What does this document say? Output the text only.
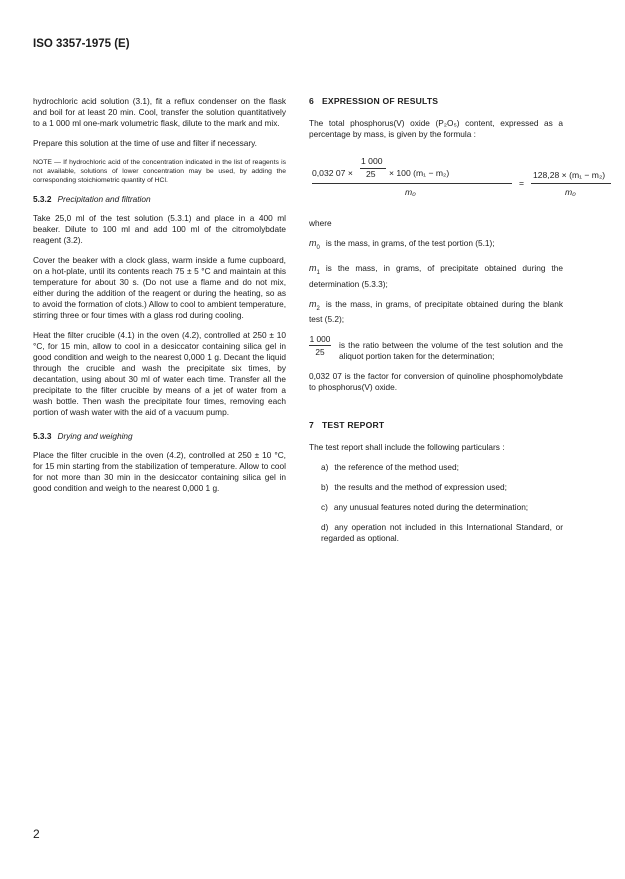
ISO 3357-1975 (E)

hydrochloric acid solution (3.1), fit a reflux condenser on the flask and boil for at least 20 min. Cool, transfer the solution quantitatively to a 1 000 ml one-mark volumetric flask, dilute to the mark and mix.

Prepare this solution at the time of use and filter if necessary.

NOTE — If hydrochloric acid of the concentration indicated in the list of reagents is not available, solutions of lower concentration may be used, by adding the corresponding stoichiometric quantity of HCl.

5.3.2 Precipitation and filtration

Take 25,0 ml of the test solution (5.3.1) and place in a 400 ml beaker. Dilute to 100 ml and add 100 ml of the citromolybdate reagent (3.2).

Cover the beaker with a clock glass, warm inside a fume cupboard, on a hot-plate, until its contents reach 75 ± 5 °C and maintain at this temperature for about 30 s. (Do not use a flame and do not mix, either during the addition of the reagent or during the heating, so as to avoid the formation of clots.) Allow to cool to ambient temperature, stirring three or four times with a glass rod during cooling.

Heat the filter crucible (4.1) in the oven (4.2), controlled at 250 ± 10 °C, for 15 min, allow to cool in a desiccator containing silica gel in good condition and weigh to the nearest 0,000 1 g. Decant the liquid through the crucible and wash the precipitate six times, by decantation, using about 30 ml of water each time. Transfer all the precipitate to the filter crucible by means of a jet of water from a wash bottle. Then wash the precipitate four times, removing each portion of wash water with the aid of a vacuum pump.

5.3.3 Drying and weighing

Place the filter crucible in the oven (4.2), controlled at 250 ± 10 °C, for 15 min starting from the stabilization of temperature. Allow to cool for not more than 30 min in the desiccator containing silica gel in good condition and weigh to the nearest 0,000 1 g.

6 EXPRESSION OF RESULTS

The total phosphorus(V) oxide (P₂O₅) content, expressed as a percentage by mass, is given by the formula :

0,032 07 ×
1 000
25 × 100 (m₁ − m₂)
m₀
=
128,28 × (m₁ − m₂)
m₀

where

$m_0$ is the mass, in grams, of the test portion (5.1);

$m_1$ is the mass, in grams, of precipitate obtained during the determination (5.3.3);

$m_2$ is the mass, in grams, of precipitate obtained during the blank test (5.2);

$\frac{1 000}{25}$ is the ratio between the volume of the test solution and the aliquot portion taken for the determination;

0,032 07 is the factor for conversion of quinoline phosphomolybdate to phosphorus(V) oxide.

7 TEST REPORT

The test report shall include the following particulars :

a) the reference of the method used;

b) the results and the method of expression used;

c) any unusual features noted during the determination;

d) any operation not included in this International Standard, or regarded as optional.

2
